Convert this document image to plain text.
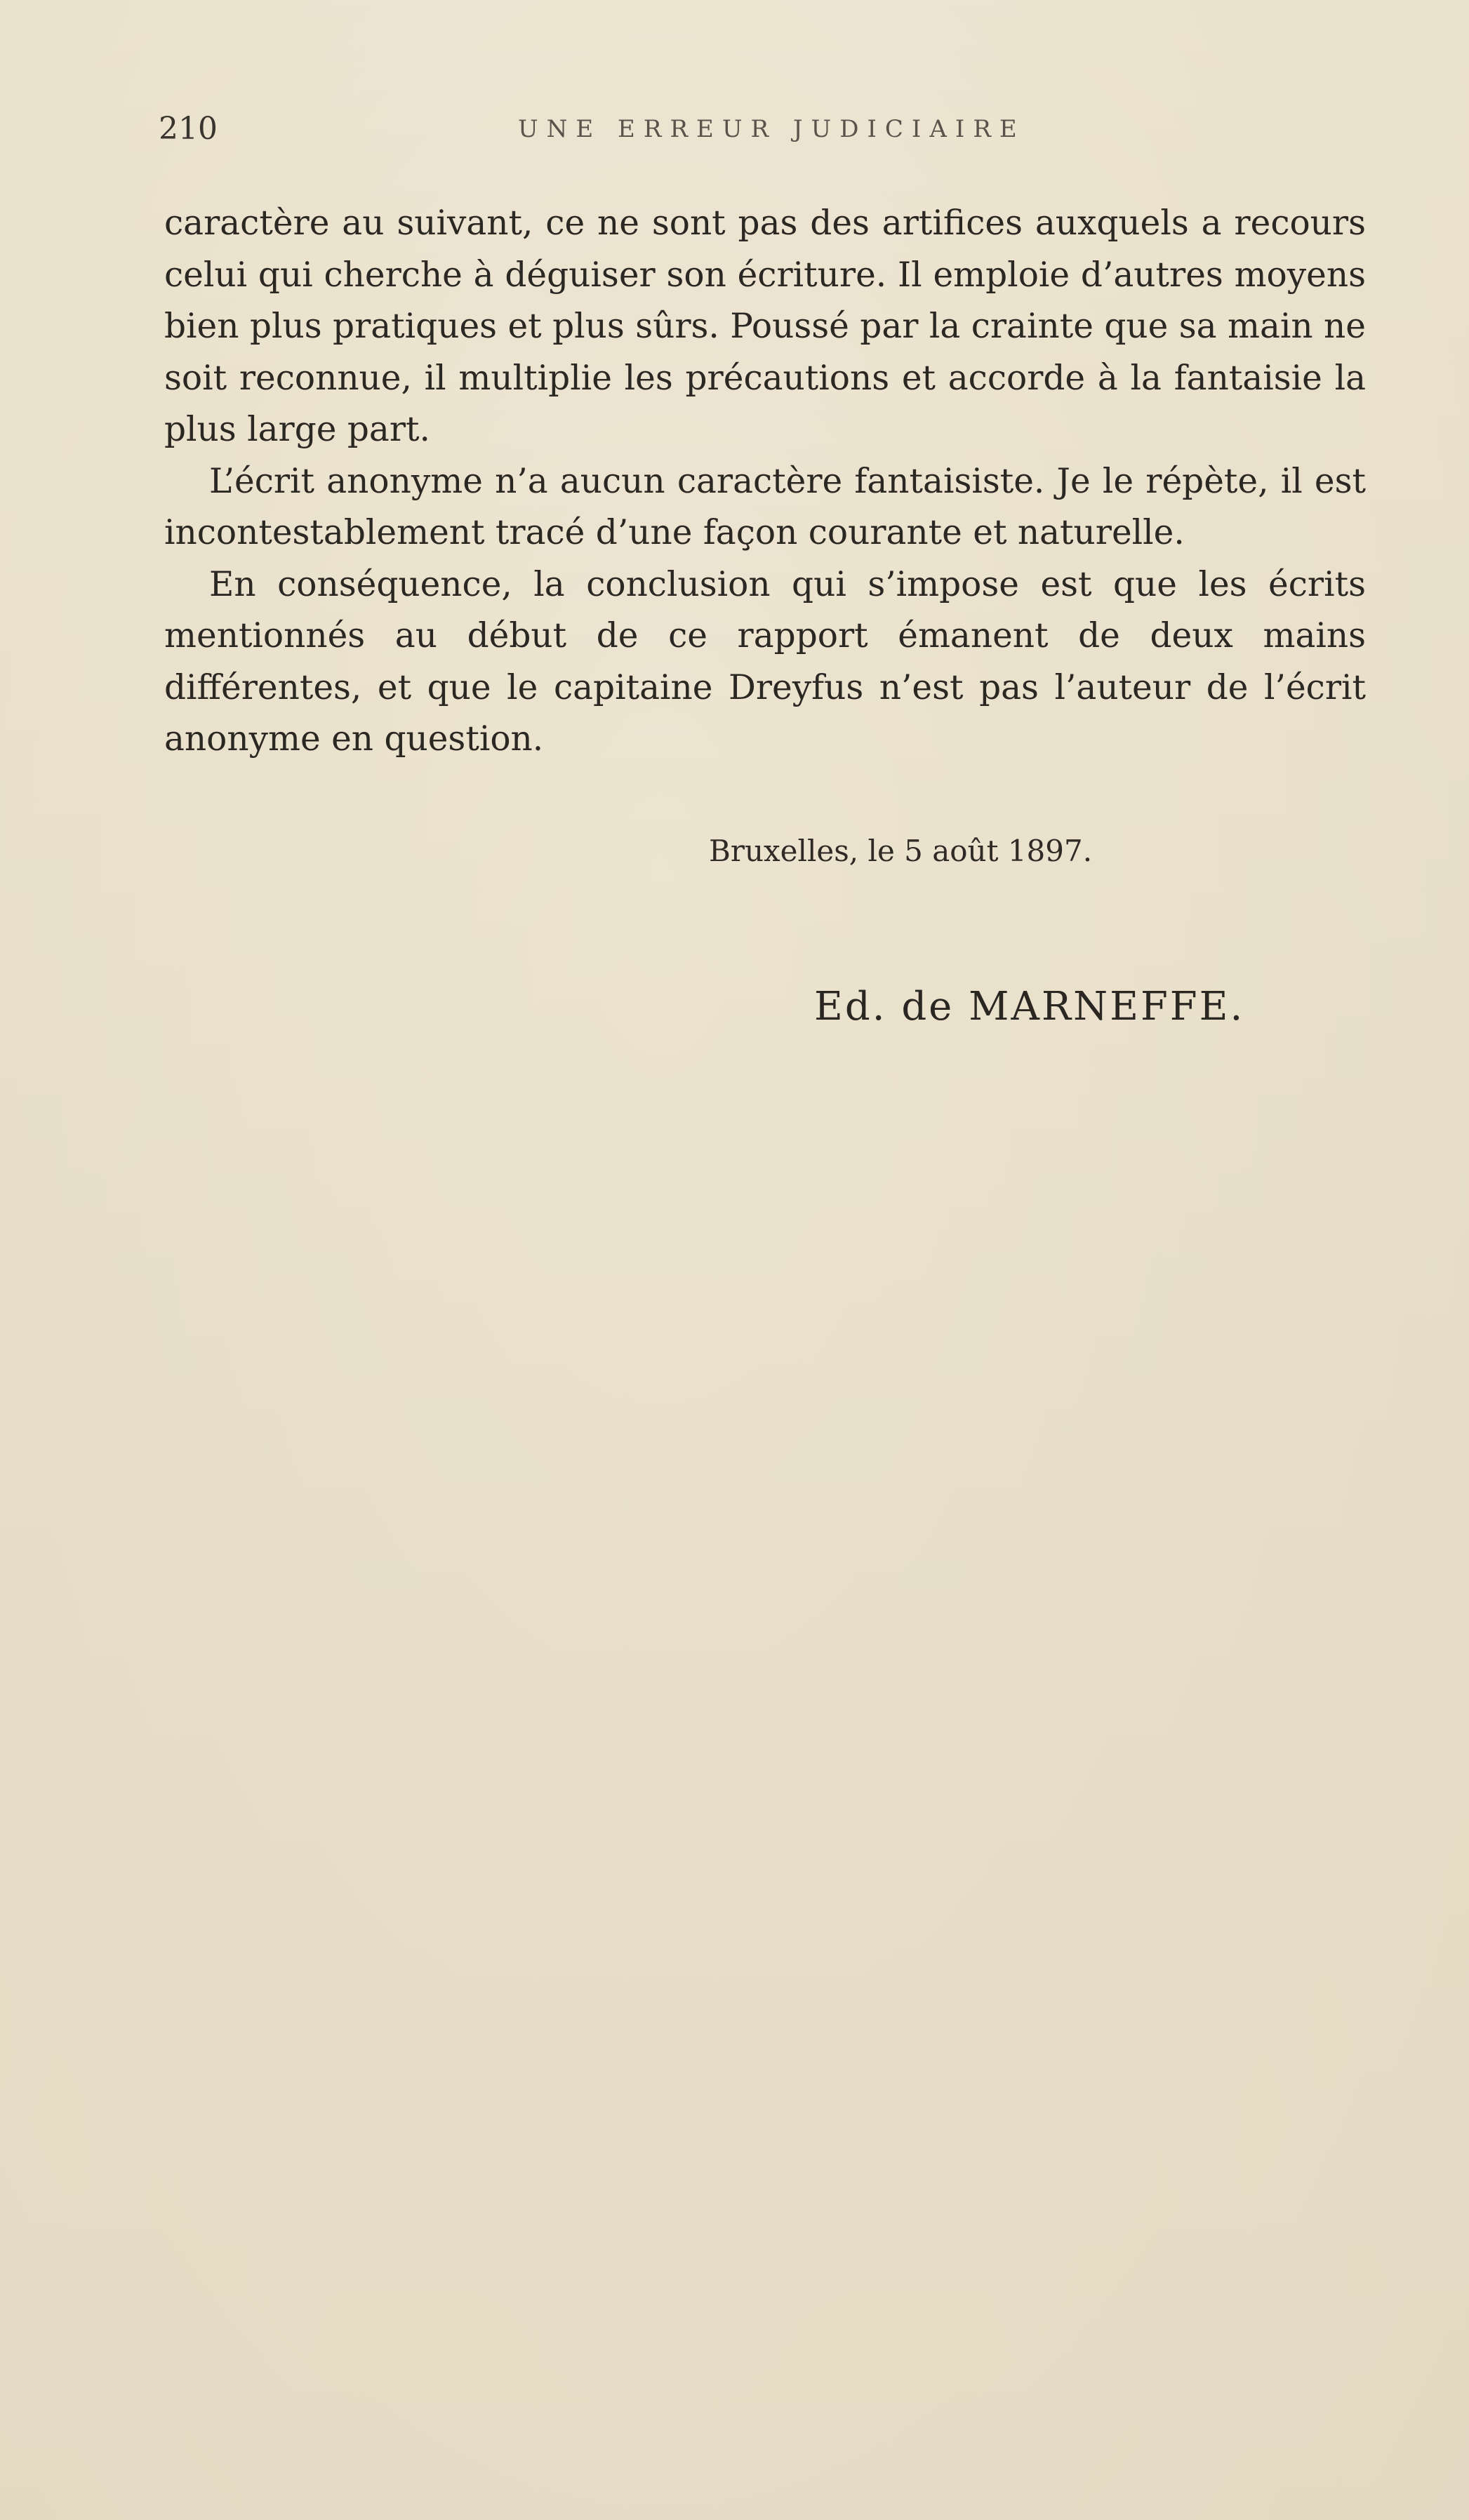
210	UNE ERREUR JUDICIAIRE

caractère au suivant, ce ne sont pas des artifices auxquels a recours celui qui cherche à déguiser son écriture. Il emploie d’autres moyens bien plus pratiques et plus sûrs. Poussé par la crainte que sa main ne soit reconnue, il multiplie les précautions et accorde à la fantaisie la plus large part.

L’écrit anonyme n’a aucun caractère fantaisiste. Je le répète, il est incontestablement tracé d’une façon courante et naturelle.

En conséquence, la conclusion qui s’impose est que les écrits mentionnés au début de ce rapport émanent de deux mains différentes, et que le capitaine Dreyfus n’est pas l’auteur de l’écrit anonyme en question.

Bruxelles, le 5 août 1897.
Ed. de MARNEFFE.
